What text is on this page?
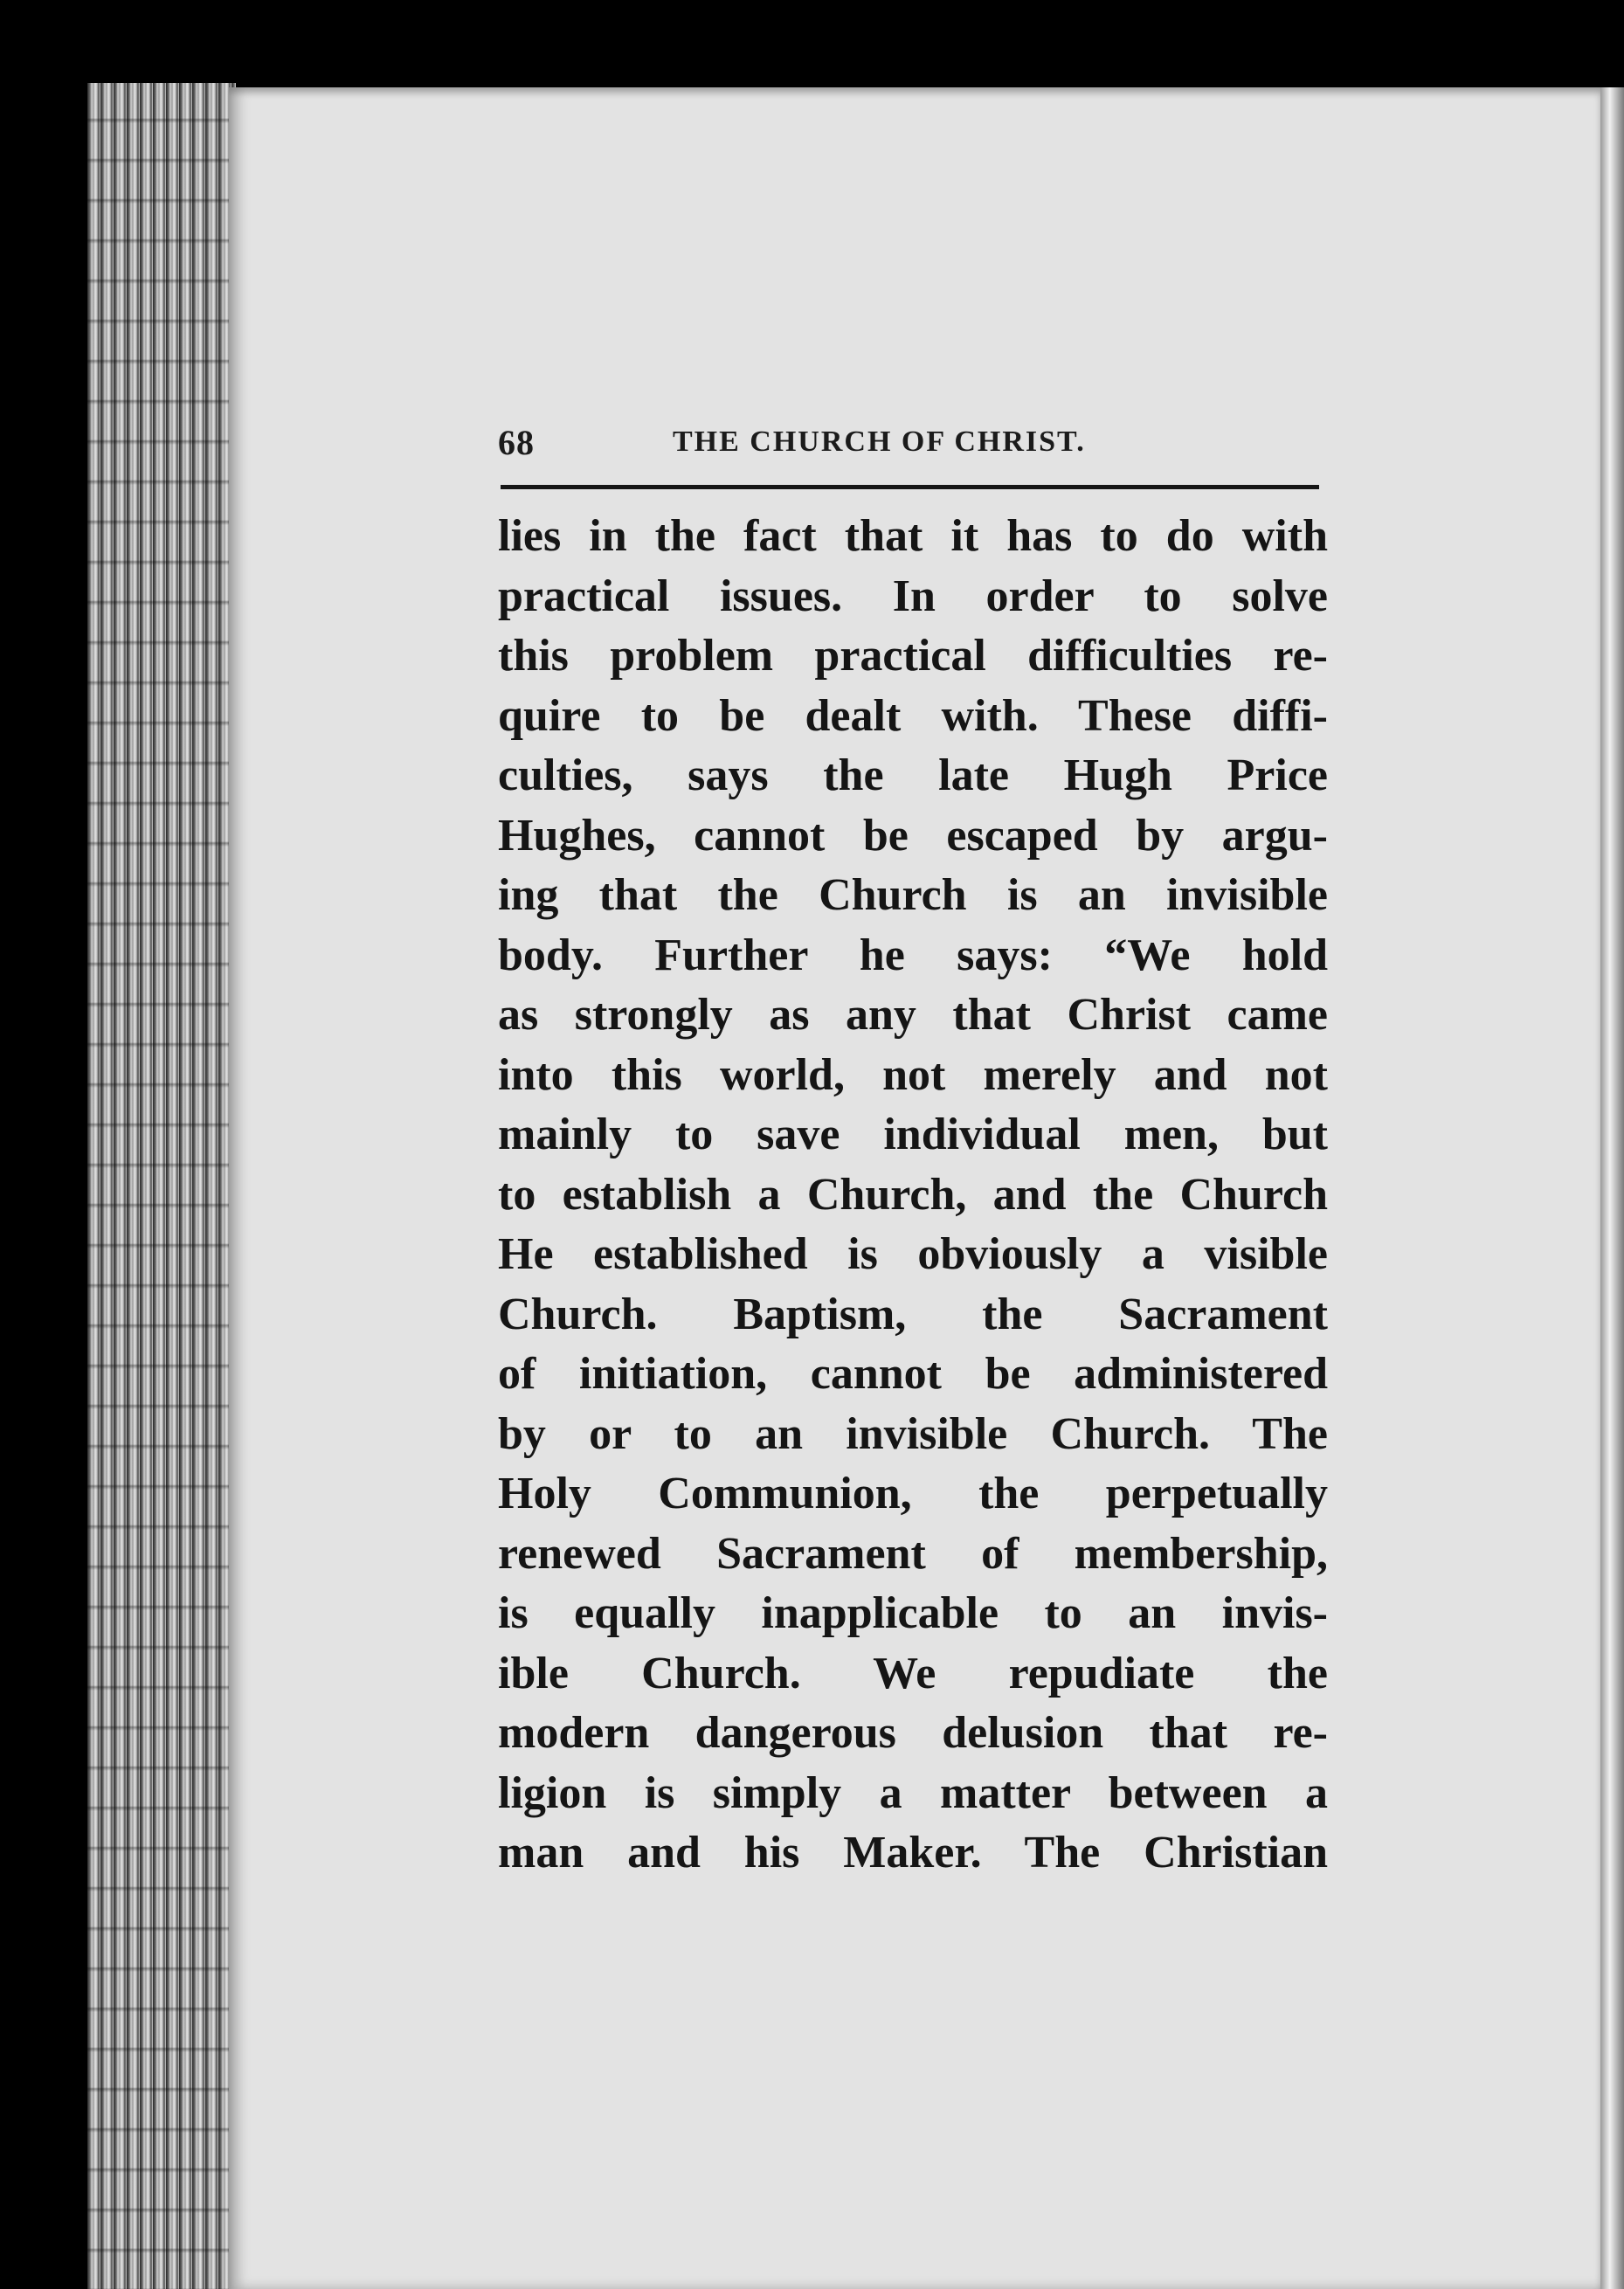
68	THE CHURCH OF CHRIST.
lies in the fact that it has to do with
practical issues. In order to solve
this problem practical difficulties re-
quire to be dealt with. These diffi-
culties, says the late Hugh Price
Hughes, cannot be escaped by argu-
ing that the Church is an invisible
body. Further he says: “We hold
as strongly as any that Christ came
into this world, not merely and not
mainly to save individual men, but
to establish a Church, and the Church
He established is obviously a visible
Church. Baptism, the Sacrament
of initiation, cannot be administered
by or to an invisible Church. The
Holy Communion, the perpetually
renewed Sacrament of membership,
is equally inapplicable to an invis-
ible Church. We repudiate the
modern dangerous delusion that re-
ligion is simply a matter between a
man and his Maker. The Christian
